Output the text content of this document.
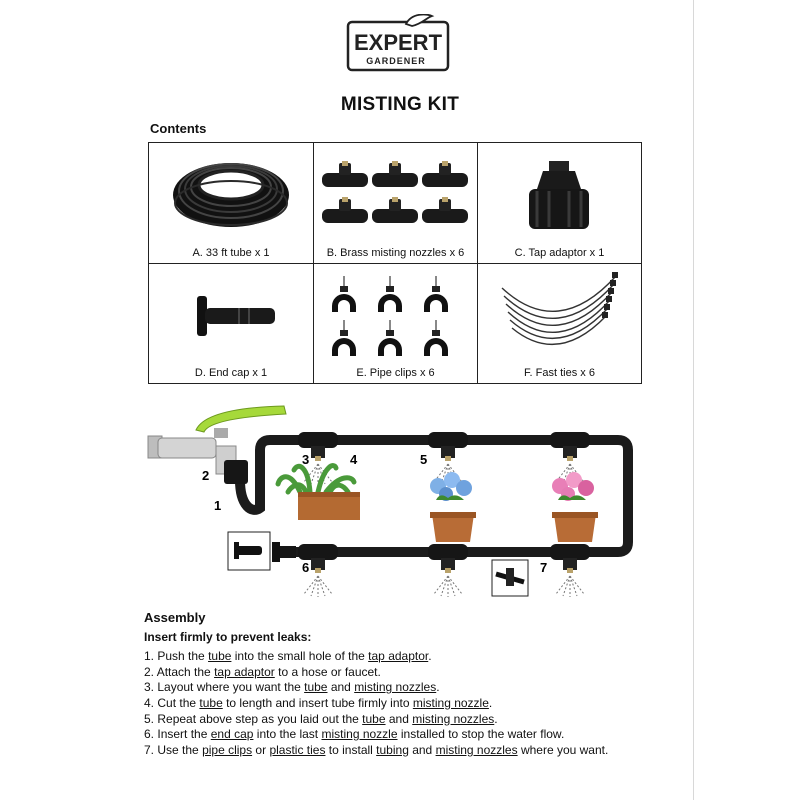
EXPERT
GARDENER
MISTING KIT
Contents
A. 33 ft tube x 1	B. Brass misting nozzles x 6	C. Tap adaptor x 1
D. End cap x 1	E. Pipe clips x 6	F. Fast ties x 6
1
2
3	4	5
6	7
Assembly
Insert firmly to prevent leaks:
1. Push the tube into the small hole of the tap adaptor.
2. Attach the tap adaptor to a hose or faucet.
3. Layout where you want the tube and misting nozzles.
4. Cut the tube to length and insert tube firmly into misting nozzle.
5. Repeat above step as you laid out the tube and misting nozzles.
6. Insert the end cap into the last misting nozzle installed to stop the water flow.
7. Use the pipe clips or plastic ties to install tubing and misting nozzles where you want.
